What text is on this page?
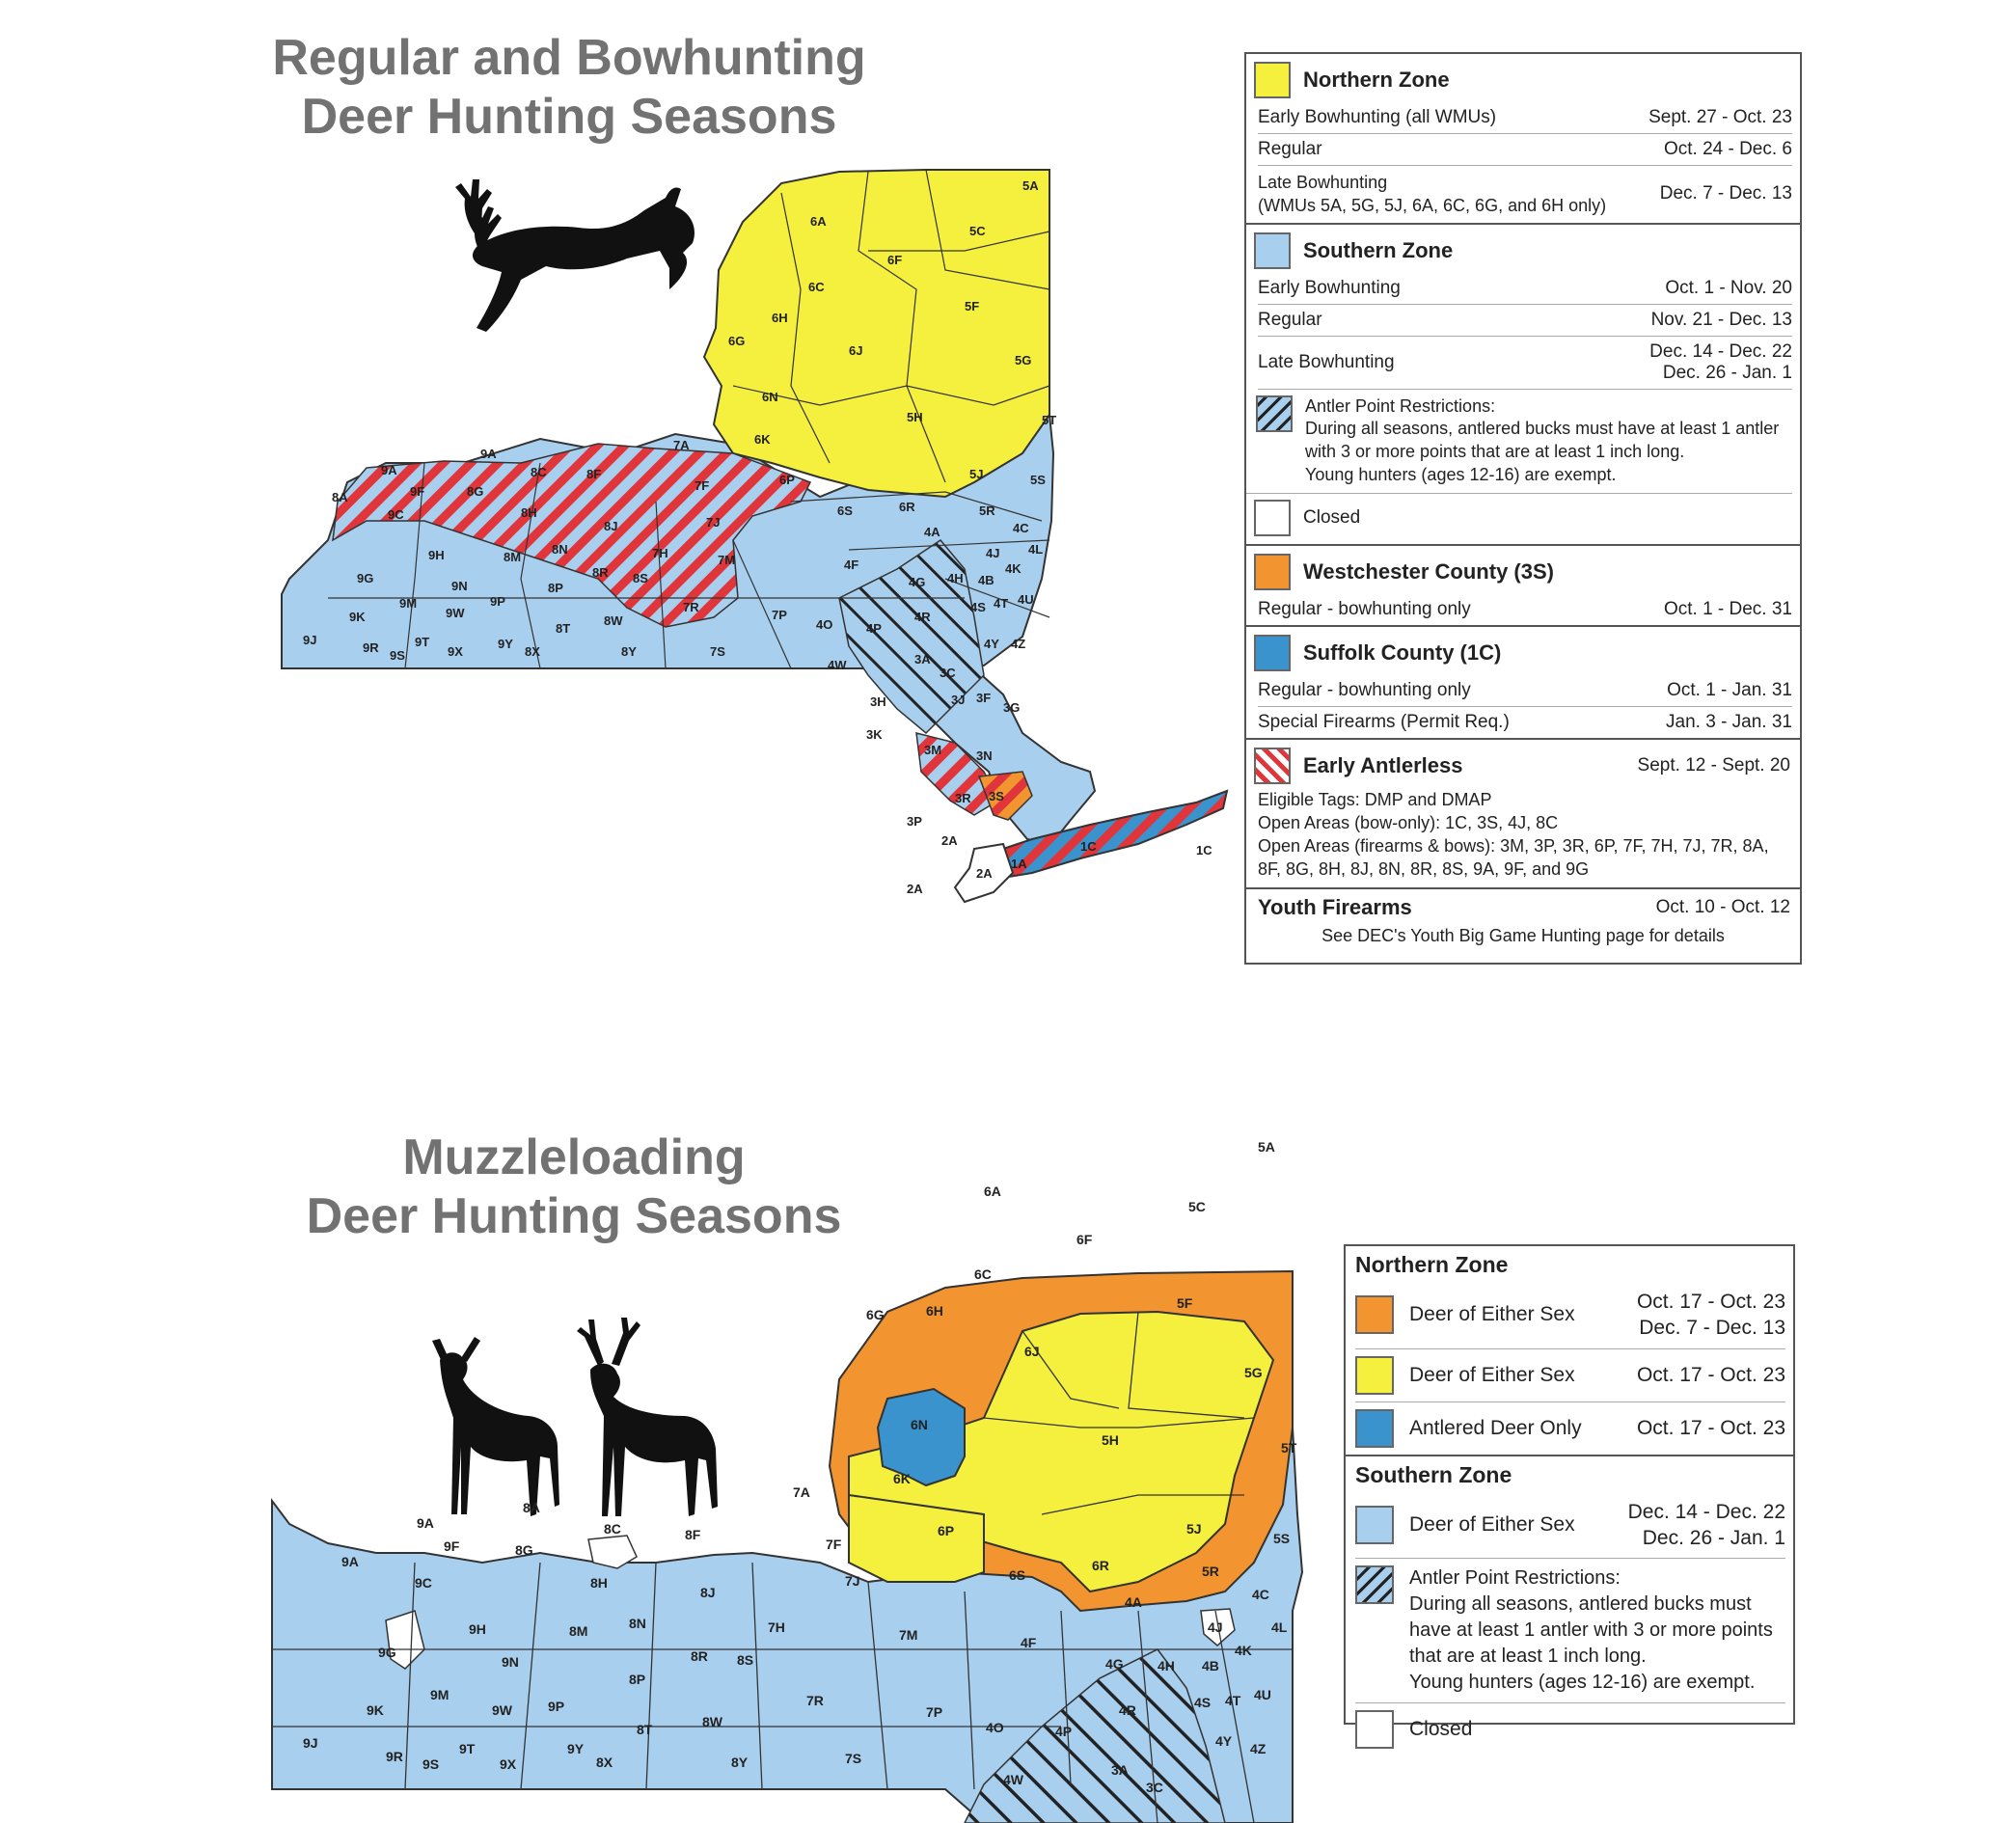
Regular and Bowhunting
Deer Hunting Seasons
5A
6A
5C
6F
6C
5F
6H
6G
6J
5G
6N
5H
6K
5J
5T
7A
6P	5S
6S	6R	5R
4C
4A
4J 4L
4K
7M	4F
4G 4H 4B
4T 4U
4S
7P
4O	4P
4R
4Y 4Z
4W	3A
3C
3H	3J 3F
3G
3K
3M	3N
3R 3S
3P
2A
2A
2A
1A
1C	1C
9A
9A
8A
8C	8F
9F	8G
9C	8H
7F
7J
8J
7H
9H	8M
8N
8R 8S
9G
9N	8P
9M
9W
9P	7R
9K
8T
8W
9J	9T
9R
9S	9X
9Y
8X	8Y	7S
Northern Zone
Early Bowhunting (all WMUs)	Sept. 27 - Oct. 23
Regular	Oct. 24 - Dec. 6
Late Bowhunting
(WMUs 5A, 5G, 5J, 6A, 6C, 6G, and 6H only)
Dec. 7 - Dec. 13
Southern Zone
Early Bowhunting	Oct. 1 - Nov. 20
Regular	Nov. 21 - Dec. 13
Late Bowhunting
Dec. 14 - Dec. 22
Dec. 26 - Jan. 1
Antler Point Restrictions:
During all seasons, antlered bucks must have at least 1 antler
with 3 or more points that are at least 1 inch long.
Young hunters (ages 12-16) are exempt.
Closed
Westchester County (3S)
Regular - bowhunting only	Oct. 1 - Dec. 31
Suffolk County (1C)
Regular - bowhunting only	Oct. 1 - Jan. 31
Special Firearms (Permit Req.)	Jan. 3 - Jan. 31
Early Antlerless	Sept. 12 - Sept. 20
Eligible Tags: DMP and DMAP
Open Areas (bow-only): 1C, 3S, 4J, 8C
Open Areas (firearms & bows): 3M, 3P, 3R, 6P, 7F, 7H, 7J, 7R, 8A,
8F, 8G, 8H, 8J, 8N, 8R, 8S, 9A, 9F, and 9G
Youth Firearms	Oct. 10 - Oct. 12
See DEC's Youth Big Game Hunting page for details
Muzzleloading
Deer Hunting Seasons
5A
6A
5C
6F
6C
5F
6G	6H
6J
5G
6N
5H
6K
5J
5T
7A
8A
8C
9A
9A
9F	8G
8F
7F
6P
9C	8H
8J
7J	6S
6R	5R
5S
4A	4C
4J	4L
9H	8M	8N	7H	7M	4F
4G	4H 4B
4K
9G
9N	8R 8S
4S 4T 4U
8P
9K
9M
9W	9P	7R
8W
8T
7P
4O	4P
4R
4Y 4Z
9J	9T
9R 9S	9X
9Y
8X	8Y	7S
4W
3A
3C
Northern Zone
Deer of Either Sex
Oct. 17 - Oct. 23
Dec. 7 - Dec. 13
Deer of Either Sex	Oct. 17 - Oct. 23
Antlered Deer Only	Oct. 17 - Oct. 23
Southern Zone
Deer of Either Sex
Dec. 14 - Dec. 22
Dec. 26 - Jan. 1
Antler Point Restrictions:
During all seasons, antlered bucks must
have at least 1 antler with 3 or more points
that are at least 1 inch long.
Young hunters (ages 12-16) are exempt.
Closed
